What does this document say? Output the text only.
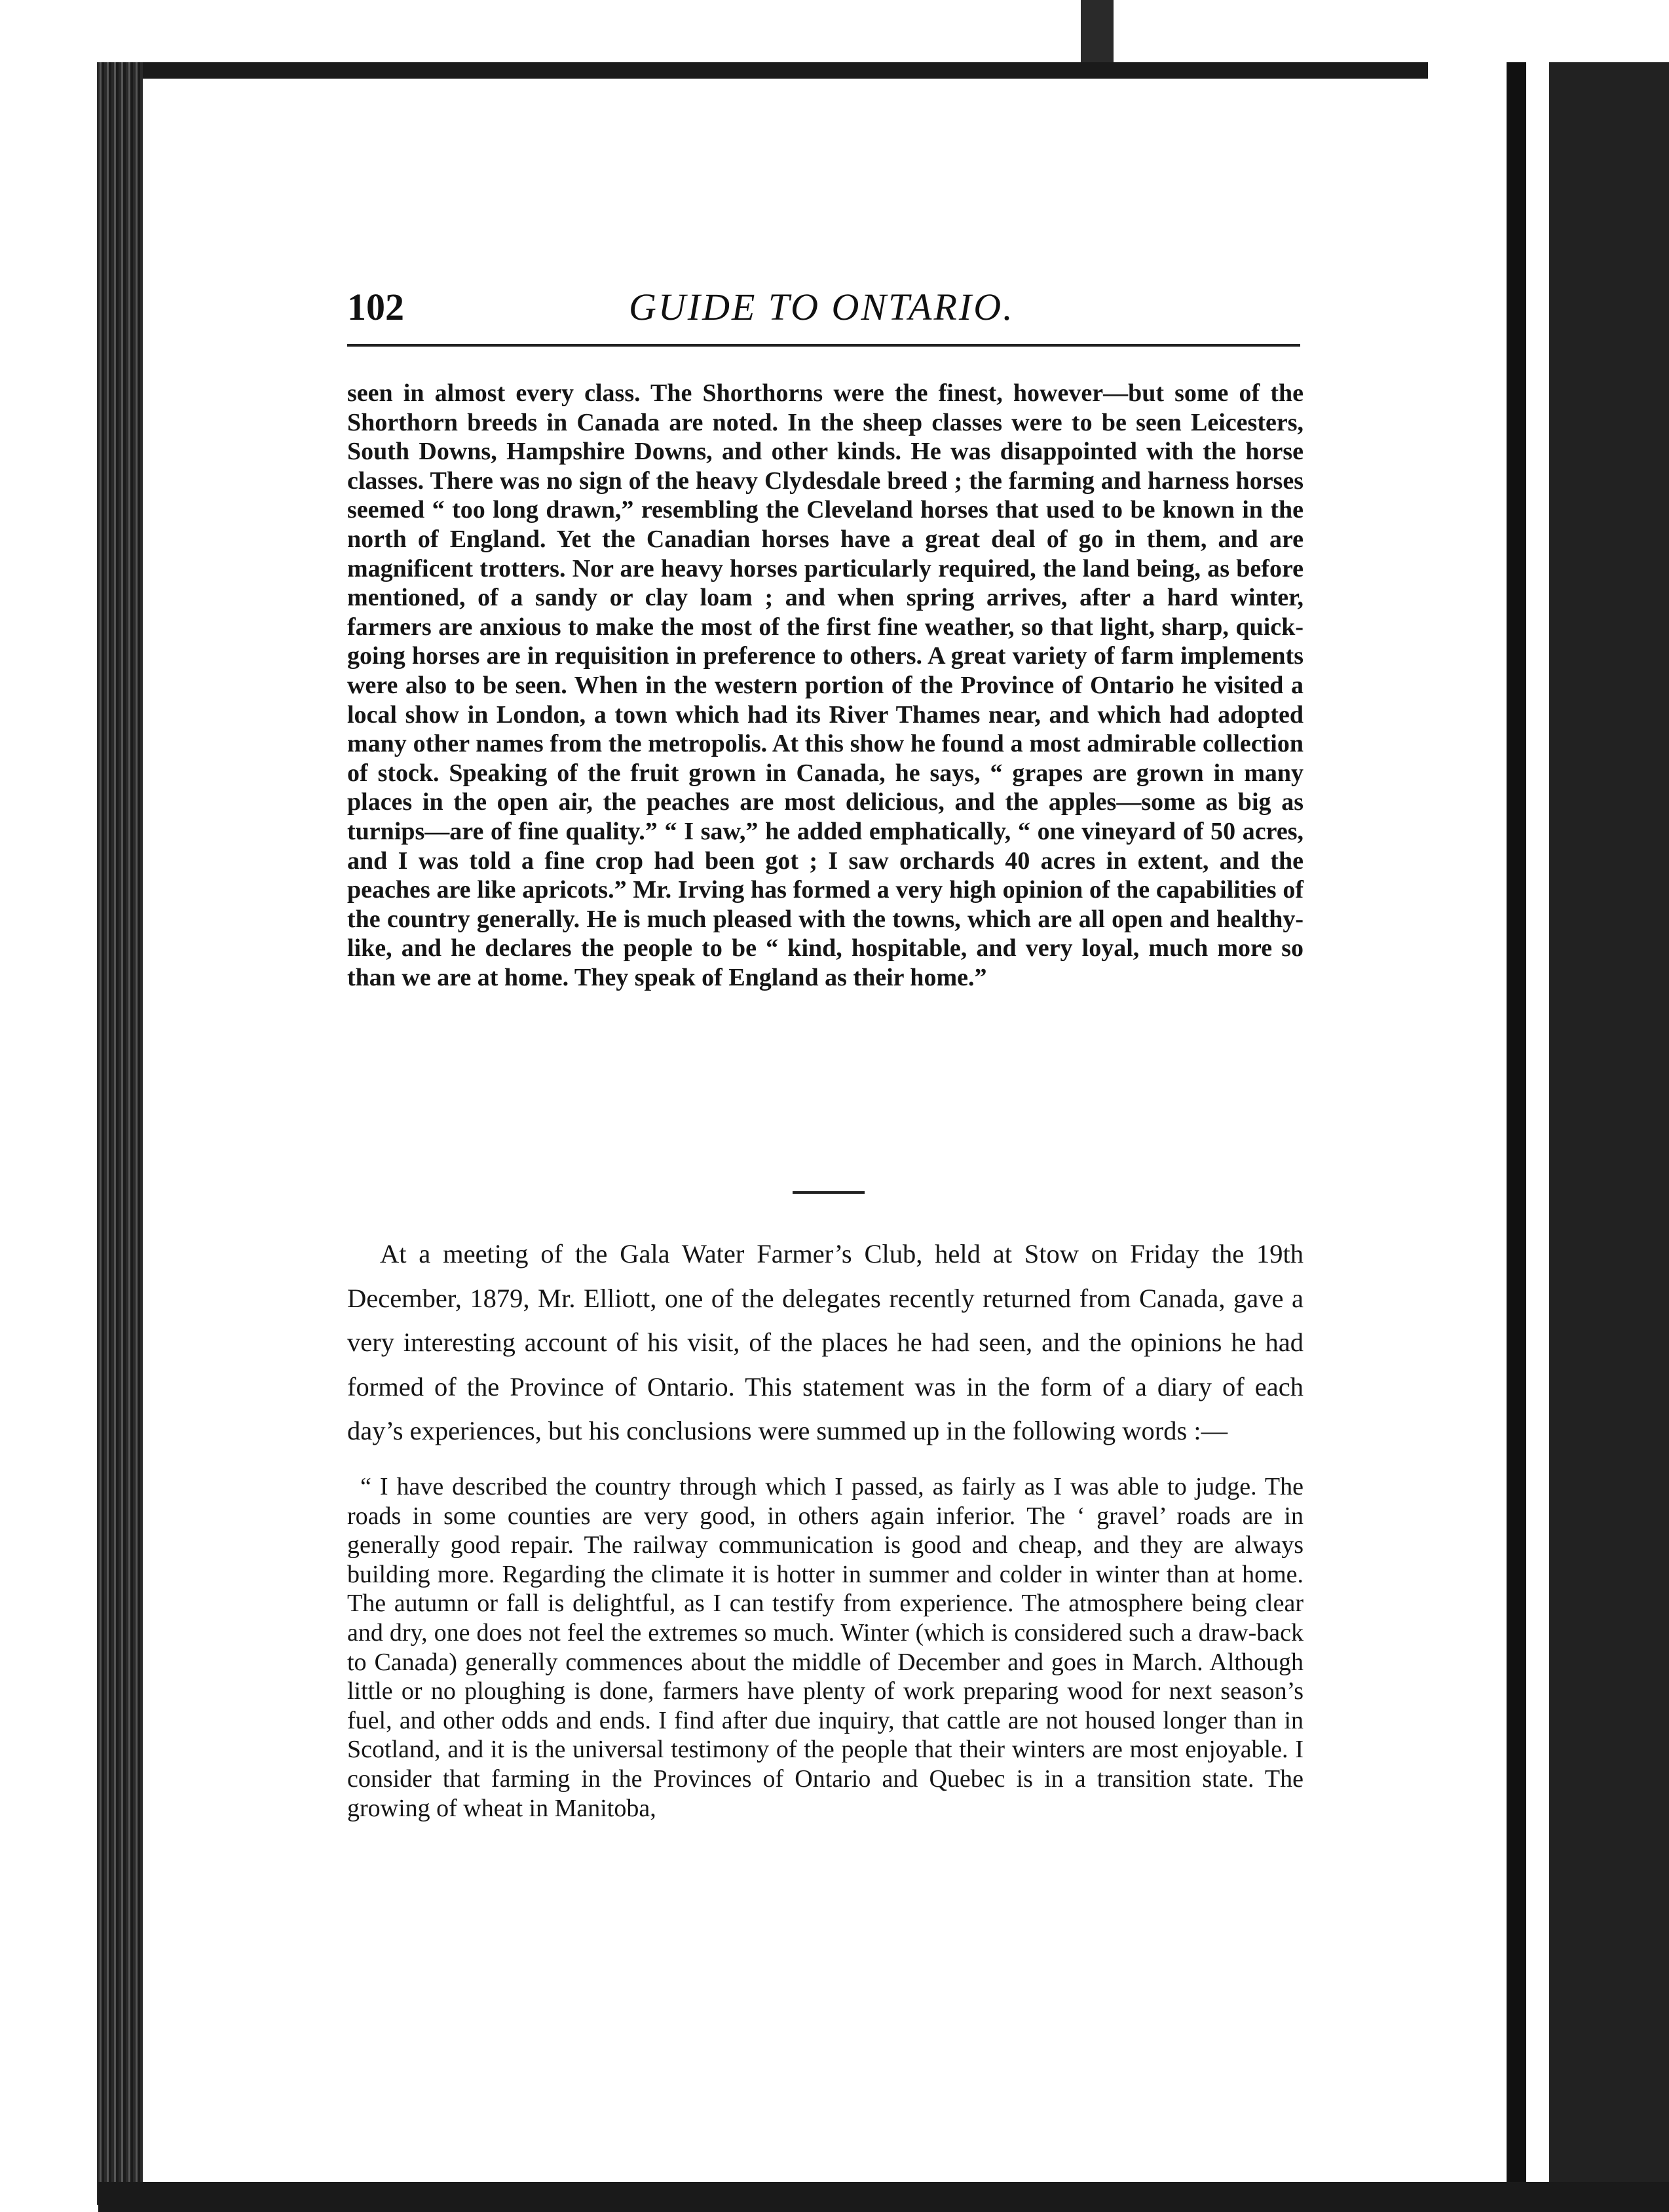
102	GUIDE TO ONTARIO.

seen in almost every class. The Shorthorns were the finest, however—but some of the Shorthorn breeds in Canada are noted. In the sheep classes were to be seen Leicesters, South Downs, Hampshire Downs, and other kinds. He was disappointed with the horse classes. There was no sign of the heavy Clydesdale breed ; the farming and harness horses seemed “ too long drawn,” resembling the Cleveland horses that used to be known in the north of England. Yet the Canadian horses have a great deal of go in them, and are magnificent trotters. Nor are heavy horses particularly required, the land being, as before mentioned, of a sandy or clay loam ; and when spring arrives, after a hard winter, farmers are anxious to make the most of the first fine weather, so that light, sharp, quick-going horses are in requisition in preference to others. A great variety of farm implements were also to be seen. When in the western portion of the Province of Ontario he visited a local show in London, a town which had its River Thames near, and which had adopted many other names from the metropolis. At this show he found a most admirable collection of stock. Speaking of the fruit grown in Canada, he says, “ grapes are grown in many places in the open air, the peaches are most delicious, and the apples—some as big as turnips—are of fine quality.” “ I saw,” he added emphatically, “ one vineyard of 50 acres, and I was told a fine crop had been got ; I saw orchards 40 acres in extent, and the peaches are like apricots.” Mr. Irving has formed a very high opinion of the capabilities of the country generally. He is much pleased with the towns, which are all open and healthy-like, and he declares the people to be “ kind, hospitable, and very loyal, much more so than we are at home. They speak of England as their home.”

At a meeting of the Gala Water Farmer’s Club, held at Stow on Friday the 19th December, 1879, Mr. Elliott, one of the delegates recently returned from Canada, gave a very interesting account of his visit, of the places he had seen, and the opinions he had formed of the Province of Ontario. This statement was in the form of a diary of each day’s experiences, but his conclusions were summed up in the following words :—

“ I have described the country through which I passed, as fairly as I was able to judge. The roads in some counties are very good, in others again inferior. The ‘ gravel’ roads are in generally good repair. The railway communication is good and cheap, and they are always building more. Regarding the climate it is hotter in summer and colder in winter than at home. The autumn or fall is delightful, as I can testify from experience. The atmosphere being clear and dry, one does not feel the extremes so much. Winter (which is considered such a draw-back to Canada) generally commences about the middle of December and goes in March. Although little or no ploughing is done, farmers have plenty of work preparing wood for next season’s fuel, and other odds and ends. I find after due inquiry, that cattle are not housed longer than in Scotland, and it is the universal testimony of the people that their winters are most enjoyable. I consider that farming in the Provinces of Ontario and Quebec is in a transition state. The growing of wheat in Manitoba,
